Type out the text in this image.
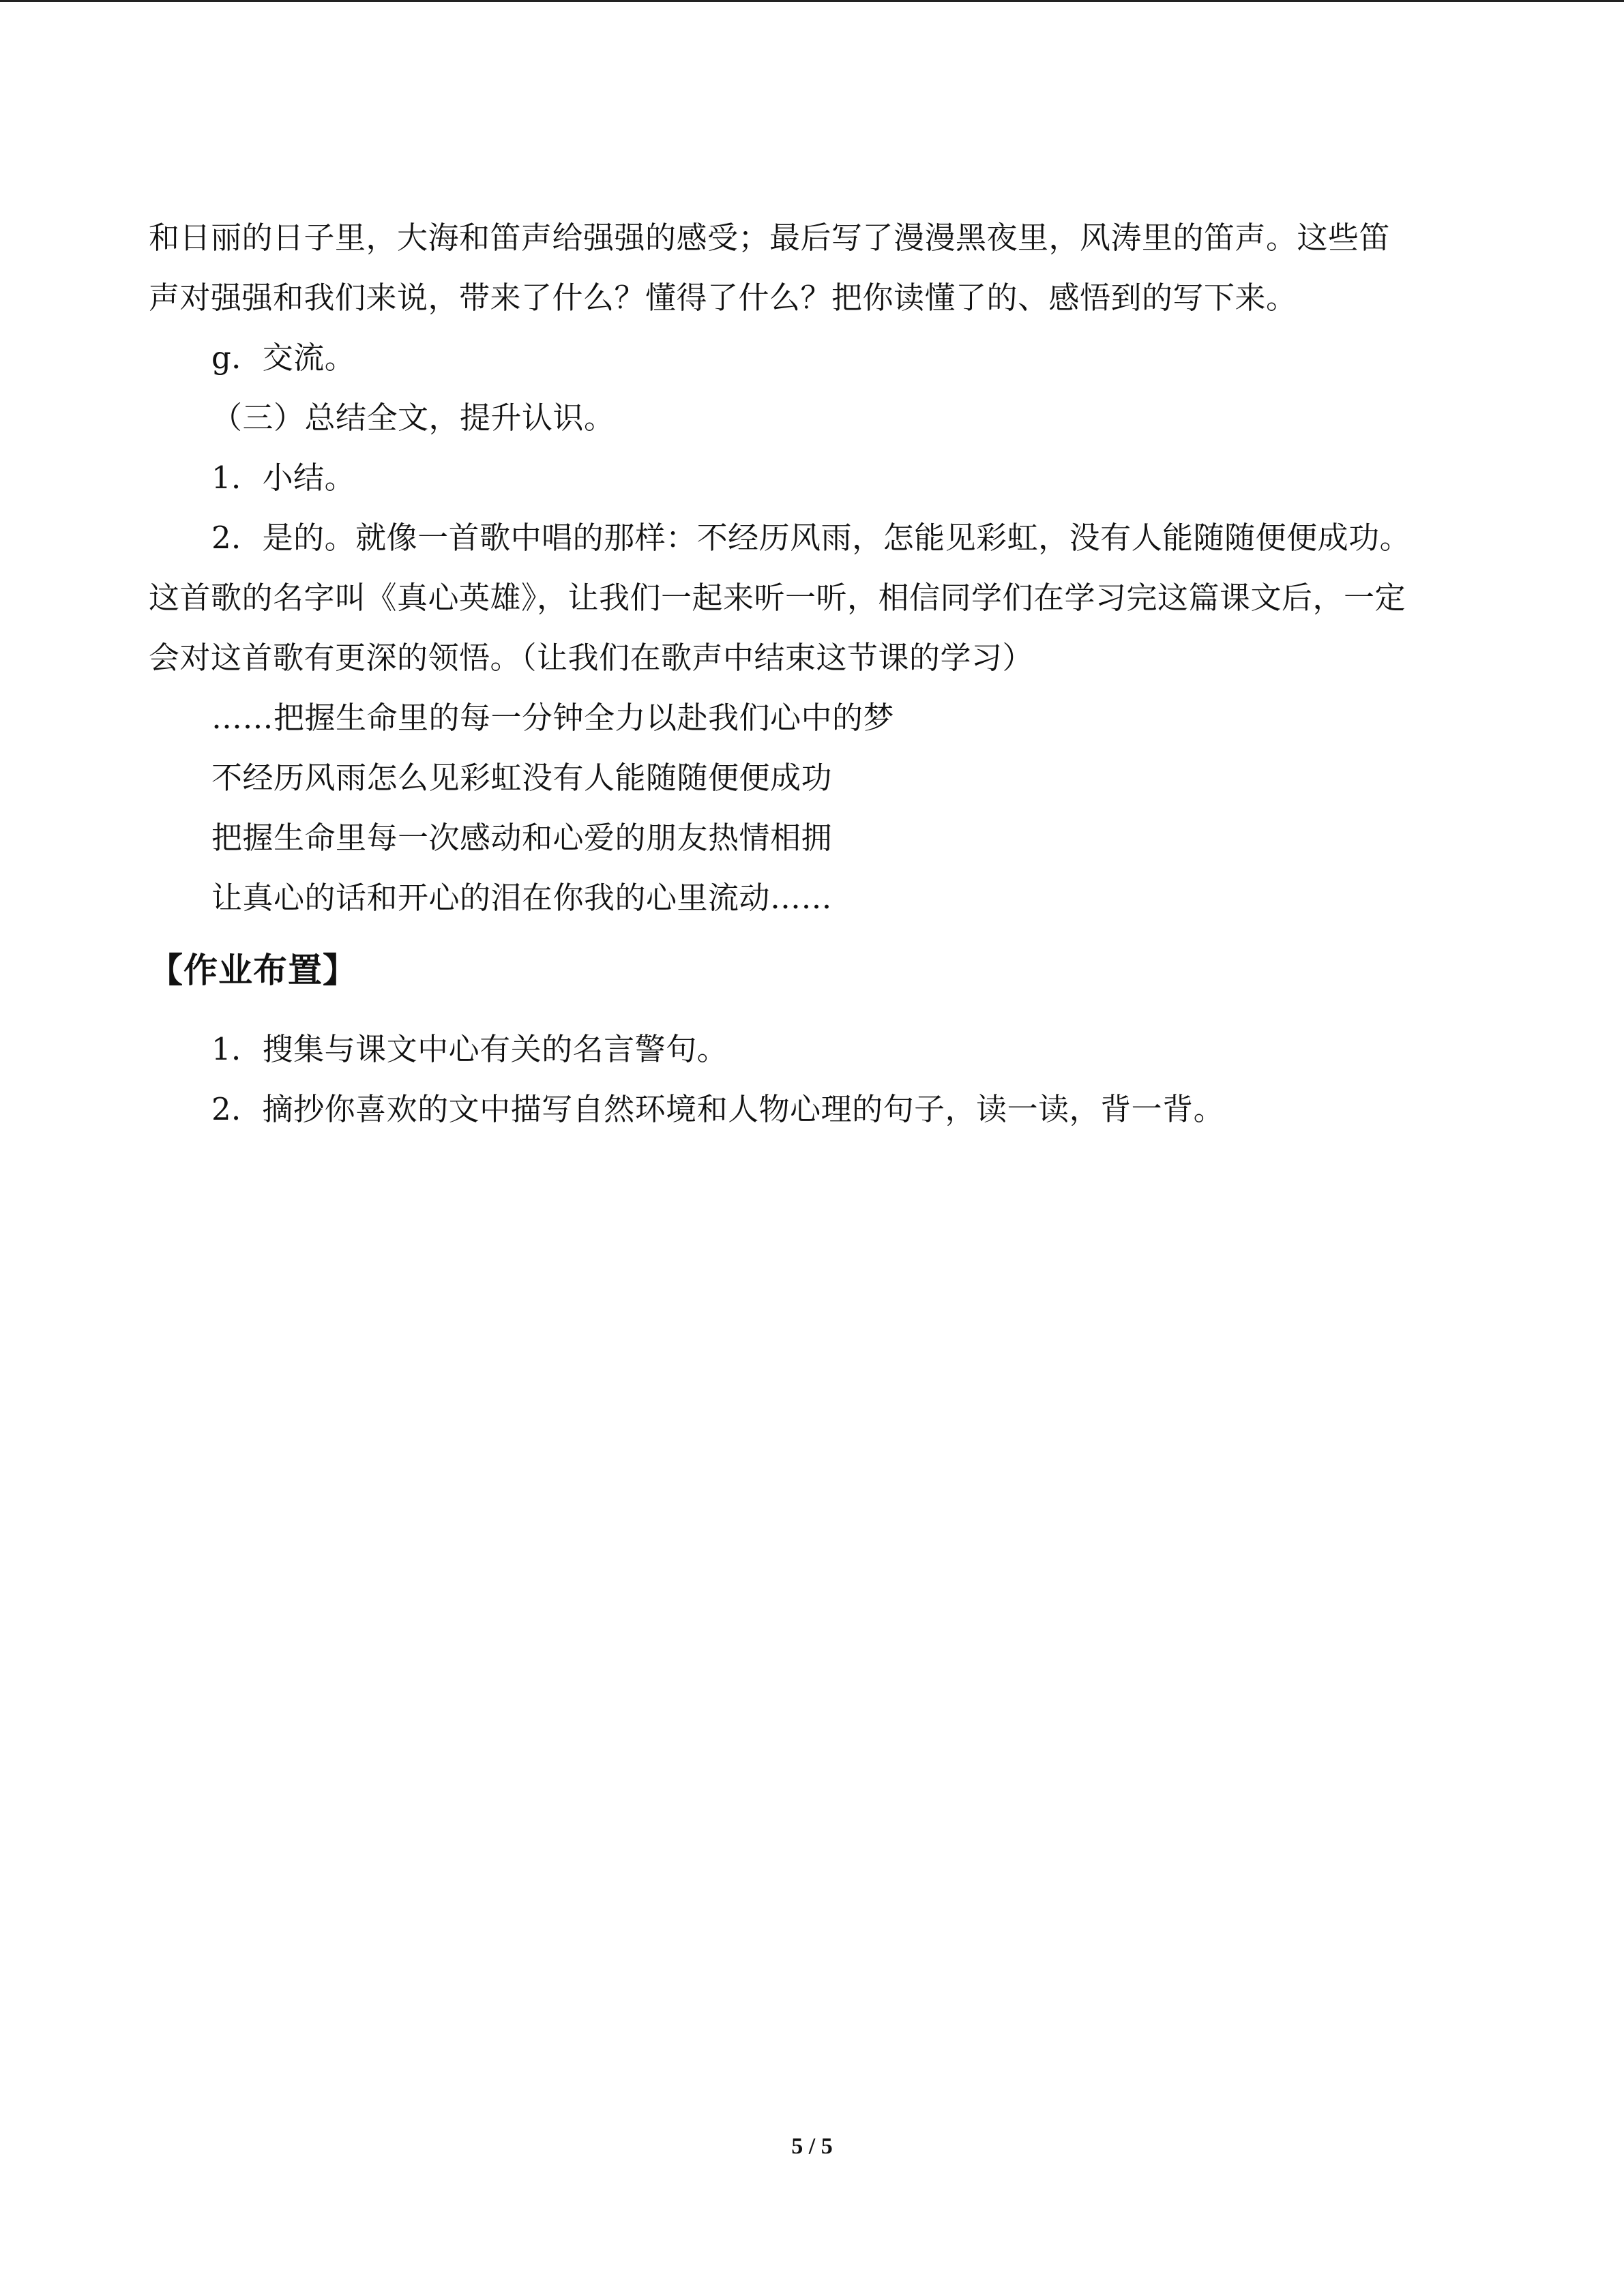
和日丽的日子里，大海和笛声给强强的感受；最后写了漫漫黑夜里，风涛里的笛声。这些笛

声对强强和我们来说，带来了什么？懂得了什么？把你读懂了的、感悟到的写下来。

g．交流。

（三）总结全文，提升认识。

1．小结。

2．是的。就像一首歌中唱的那样：不经历风雨，怎能见彩虹，没有人能随随便便成功。

这首歌的名字叫《真心英雄》，让我们一起来听一听，相信同学们在学习完这篇课文后，一定

会对这首歌有更深的领悟。（让我们在歌声中结束这节课的学习）

……把握生命里的每一分钟全力以赴我们心中的梦

不经历风雨怎么见彩虹没有人能随随便便成功

把握生命里每一次感动和心爱的朋友热情相拥

让真心的话和开心的泪在你我的心里流动……

【作业布置】

1．搜集与课文中心有关的名言警句。

2．摘抄你喜欢的文中描写自然环境和人物心理的句子，读一读，背一背。

5 / 5
